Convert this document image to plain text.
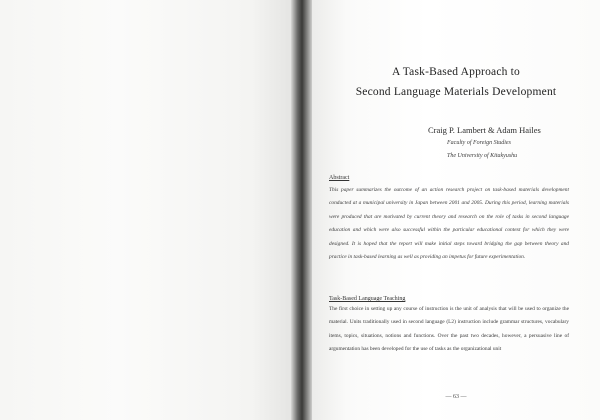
A Task-Based Approach to
Second Language Materials Development
Craig P. Lambert & Adam Hailes
Faculty of Foreign Studies
The University of Kitakyushu
Abstract

This paper summarizes the outcome of an action research project on task-based materials development conducted at a municipal university in Japan between 2001 and 2005. During this period, learning materials were produced that are motivated by current theory and research on the role of tasks in second language education and which were also successful within the particular educational context for which they were designed. It is hoped that the report will make initial steps toward bridging the gap between theory and practice in task-based learning as well as providing an impetus for future experimentation.

Task-Based Language Teaching

The first choice in setting up any course of instruction is the unit of analysis that will be used to organize the material. Units traditionally used in second language (L2) instruction include grammar structures, vocabulary items, topics, situations, notions and functions. Over the past two decades, however, a persuasive line of argumentation has been developed for the use of tasks as the organizational unit

— 63 —
